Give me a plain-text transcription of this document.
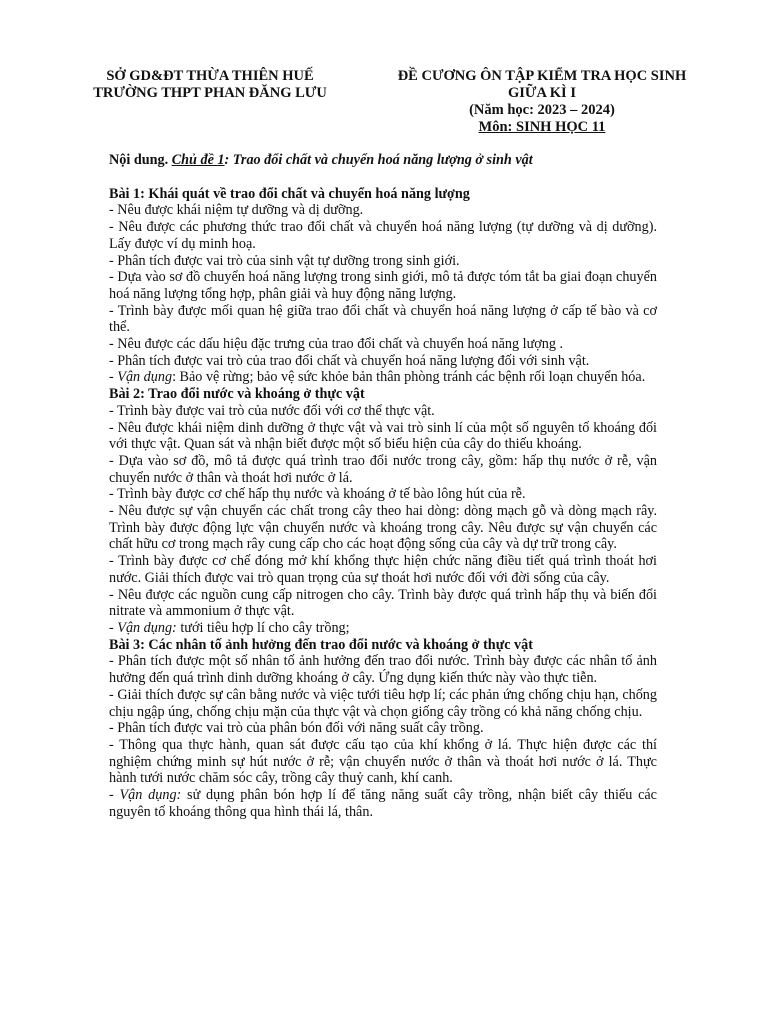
SỞ GD&ĐT THỪA THIÊN HUẾ
TRƯỜNG THPT PHAN ĐĂNG LƯU
ĐỀ CƯƠNG ÔN TẬP KIỂM TRA HỌC SINH
GIỮA KÌ I
(Năm học: 2023 – 2024)
Môn: SINH HỌC 11

Nội dung. Chủ đề 1: Trao đổi chất và chuyển hoá năng lượng ở sinh vật

Bài 1: Khái quát về trao đổi chất và chuyển hoá năng lượng

- Nêu được khái niệm tự dưỡng và dị dưỡng.

- Nêu được các phương thức trao đổi chất và chuyển hoá năng lượng (tự dưỡng và dị dưỡng). Lấy được ví dụ minh hoạ.

- Phân tích được vai trò của sinh vật tự dưỡng trong sinh giới.

- Dựa vào sơ đồ chuyển hoá năng lượng trong sinh giới, mô tả được tóm tắt ba giai đoạn chuyển hoá năng lượng tổng hợp, phân giải và huy động năng lượng.

- Trình bày được mối quan hệ giữa trao đổi chất và chuyển hoá năng lượng ở cấp tế bào và cơ thể.

- Nêu được các dấu hiệu đặc trưng của trao đổi chất và chuyển hoá năng lượng .

- Phân tích được vai trò của trao đổi chất và chuyển hoá năng lượng đối với sinh vật.

- Vận dụng: Bảo vệ rừng; bảo vệ sức khỏe bản thân phòng tránh các bệnh rối loạn chuyển hóa.

Bài 2: Trao đổi nước và khoáng ở thực vật

- Trình bày được vai trò của nước đối với cơ thể thực vật.

- Nêu được khái niệm dinh dưỡng ở thực vật và vai trò sinh lí của một số nguyên tố khoáng đối với thực vật. Quan sát và nhận biết được một số biểu hiện của cây do thiếu khoáng.

- Dựa vào sơ đồ, mô tả được quá trình trao đổi nước trong cây, gồm: hấp thụ nước ở rễ, vận chuyển nước ở thân và thoát hơi nước ở lá.

- Trình bày được cơ chế hấp thụ nước và khoáng ở tế bào lông hút của rễ.

- Nêu được sự vận chuyển các chất trong cây theo hai dòng: dòng mạch gỗ và dòng mạch rây. Trình bày được động lực vận chuyển nước và khoáng trong cây. Nêu được sự vận chuyển các chất hữu cơ trong mạch rây cung cấp cho các hoạt động sống của cây và dự trữ trong cây.

- Trình bày được cơ chế đóng mở khí khổng thực hiện chức năng điều tiết quá trình thoát hơi nước. Giải thích được vai trò quan trọng của sự thoát hơi nước đối với đời sống của cây.

- Nêu được các nguồn cung cấp nitrogen cho cây. Trình bày được quá trình hấp thụ và biến đổi nitrate và ammonium ở thực vật.

- Vận dụng: tưới tiêu hợp lí cho cây trồng;

Bài 3: Các nhân tố ảnh hưởng đến trao đổi nước và khoáng ở thực vật

- Phân tích được một số nhân tố ảnh hưởng đến trao đổi nước. Trình bày được các nhân tố ảnh hưởng đến quá trình dinh dưỡng khoáng ở cây. Ứng dụng kiến thức này vào thực tiễn.

- Giải thích được sự cân bằng nước và việc tưới tiêu hợp lí; các phản ứng chống chịu hạn, chống chịu ngập úng, chống chịu mặn của thực vật và chọn giống cây trồng có khả năng chống chịu.

- Phân tích được vai trò của phân bón đối với năng suất cây trồng.

- Thông qua thực hành, quan sát được cấu tạo của khí khổng ở lá. Thực hiện được các thí nghiệm chứng minh sự hút nước ở rễ; vận chuyển nước ở thân và thoát hơi nước ở lá. Thực hành tưới nước chăm sóc cây, trồng cây thuỷ canh, khí canh.

- Vận dụng: sử dụng phân bón hợp lí để tăng năng suất cây trồng, nhận biết cây thiếu các nguyên tố khoáng thông qua hình thái lá, thân.
